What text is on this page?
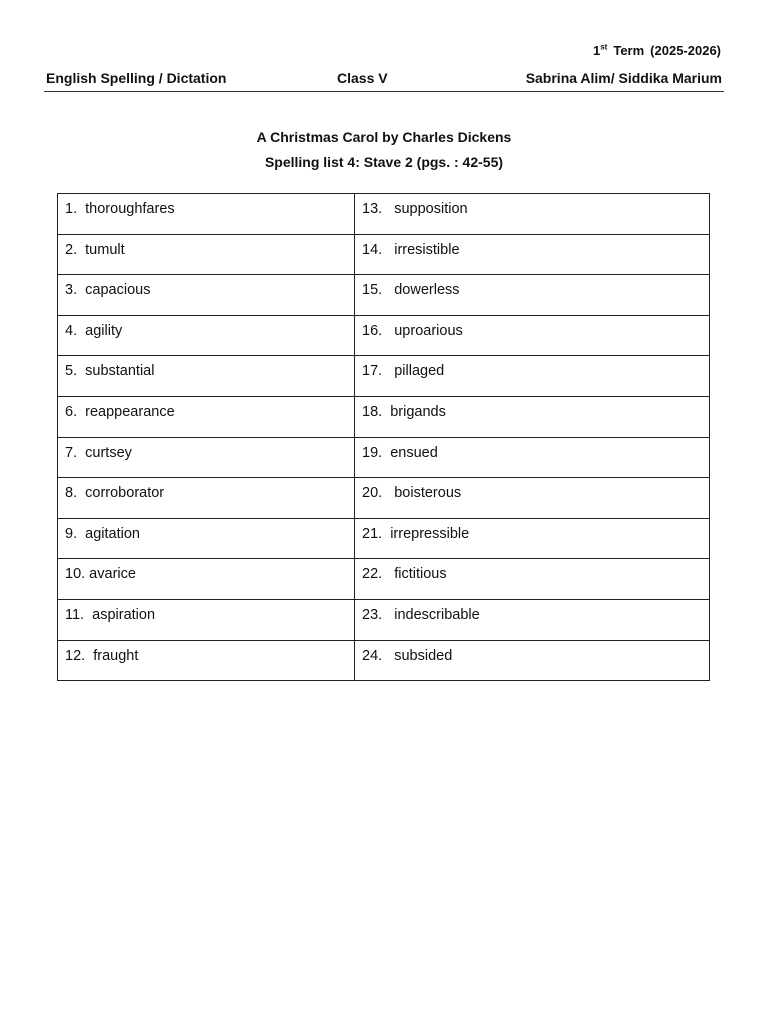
1st Term (2025-2026)
English Spelling / Dictation	Class V	Sabrina Alim/ Siddika Marium
A Christmas Carol by Charles Dickens
Spelling list 4: Stave 2 (pgs. : 42-55)
1.  thoroughfares	13.   supposition
2.  tumult	14.   irresistible
3.  capacious	15.   dowerless
4.  agility	16.   uproarious
5.  substantial	17.   pillaged
6.  reappearance	18.  brigands
7.  curtsey	19.  ensued
8.  corroborator	20.   boisterous
9.  agitation	21.  irrepressible
10. avarice	22.   fictitious
11.  aspiration	23.   indescribable
12.  fraught	24.   subsided
